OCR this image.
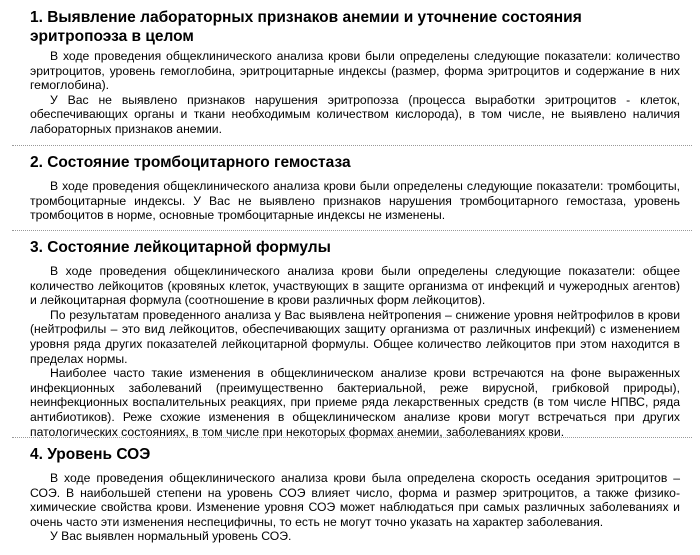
1. Выявление лабораторных признаков анемии и уточнение состояния эритропоэза в целом

В ходе проведения общеклинического анализа крови были определены следующие показатели: количество эритроцитов, уровень гемоглобина, эритроцитарные индексы (размер, форма эритроцитов и содержание в них гемоглобина).

У Вас не выявлено признаков нарушения эритропоэза (процесса выработки эритроцитов - клеток, обеспечивающих органы и ткани необходимым количеством кислорода), в том числе, не выявлено наличия лабораторных признаков анемии.

2. Состояние тромбоцитарного гемостаза

В ходе проведения общеклинического анализа крови были определены следующие показатели: тромбоциты, тромбоцитарные индексы. У Вас не выявлено признаков нарушения тромбоцитарного гемостаза, уровень тромбоцитов в норме, основные тромбоцитарные индексы не изменены.

3. Состояние лейкоцитарной формулы

В ходе проведения общеклинического анализа крови были определены следующие показатели: общее количество лейкоцитов (кровяных клеток, участвующих в защите организма от инфекций и чужеродных агентов) и лейкоцитарная формула (соотношение в крови различных форм лейкоцитов).

По результатам проведенного анализа у Вас выявлена нейтропения – снижение уровня нейтрофилов в крови (нейтрофилы – это вид лейкоцитов, обеспечивающих защиту организма от различных инфекций) с изменением уровня ряда других показателей лейкоцитарной формулы. Общее количество лейкоцитов при этом находится в пределах нормы.

Наиболее часто такие изменения в общеклиническом анализе крови встречаются на фоне выраженных инфекционных заболеваний (преимущественно бактериальной, реже вирусной, грибковой природы), неинфекционных воспалительных реакциях, при приеме ряда лекарственных средств (в том числе НПВС, ряда антибиотиков). Реже схожие изменения в общеклиническом анализе крови могут встречаться при других патологических состояниях, в том числе при некоторых формах анемии, заболеваниях крови.

4. Уровень СОЭ

В ходе проведения общеклинического анализа крови была определена скорость оседания эритроцитов – СОЭ. В наибольшей степени на уровень СОЭ влияет число, форма и размер эритроцитов, а также физико-химические свойства крови. Изменение уровня СОЭ может наблюдаться при самых различных заболеваниях и очень часто эти изменения неспецифичны, то есть не могут точно указать на характер заболевания.

У Вас выявлен нормальный уровень СОЭ.
